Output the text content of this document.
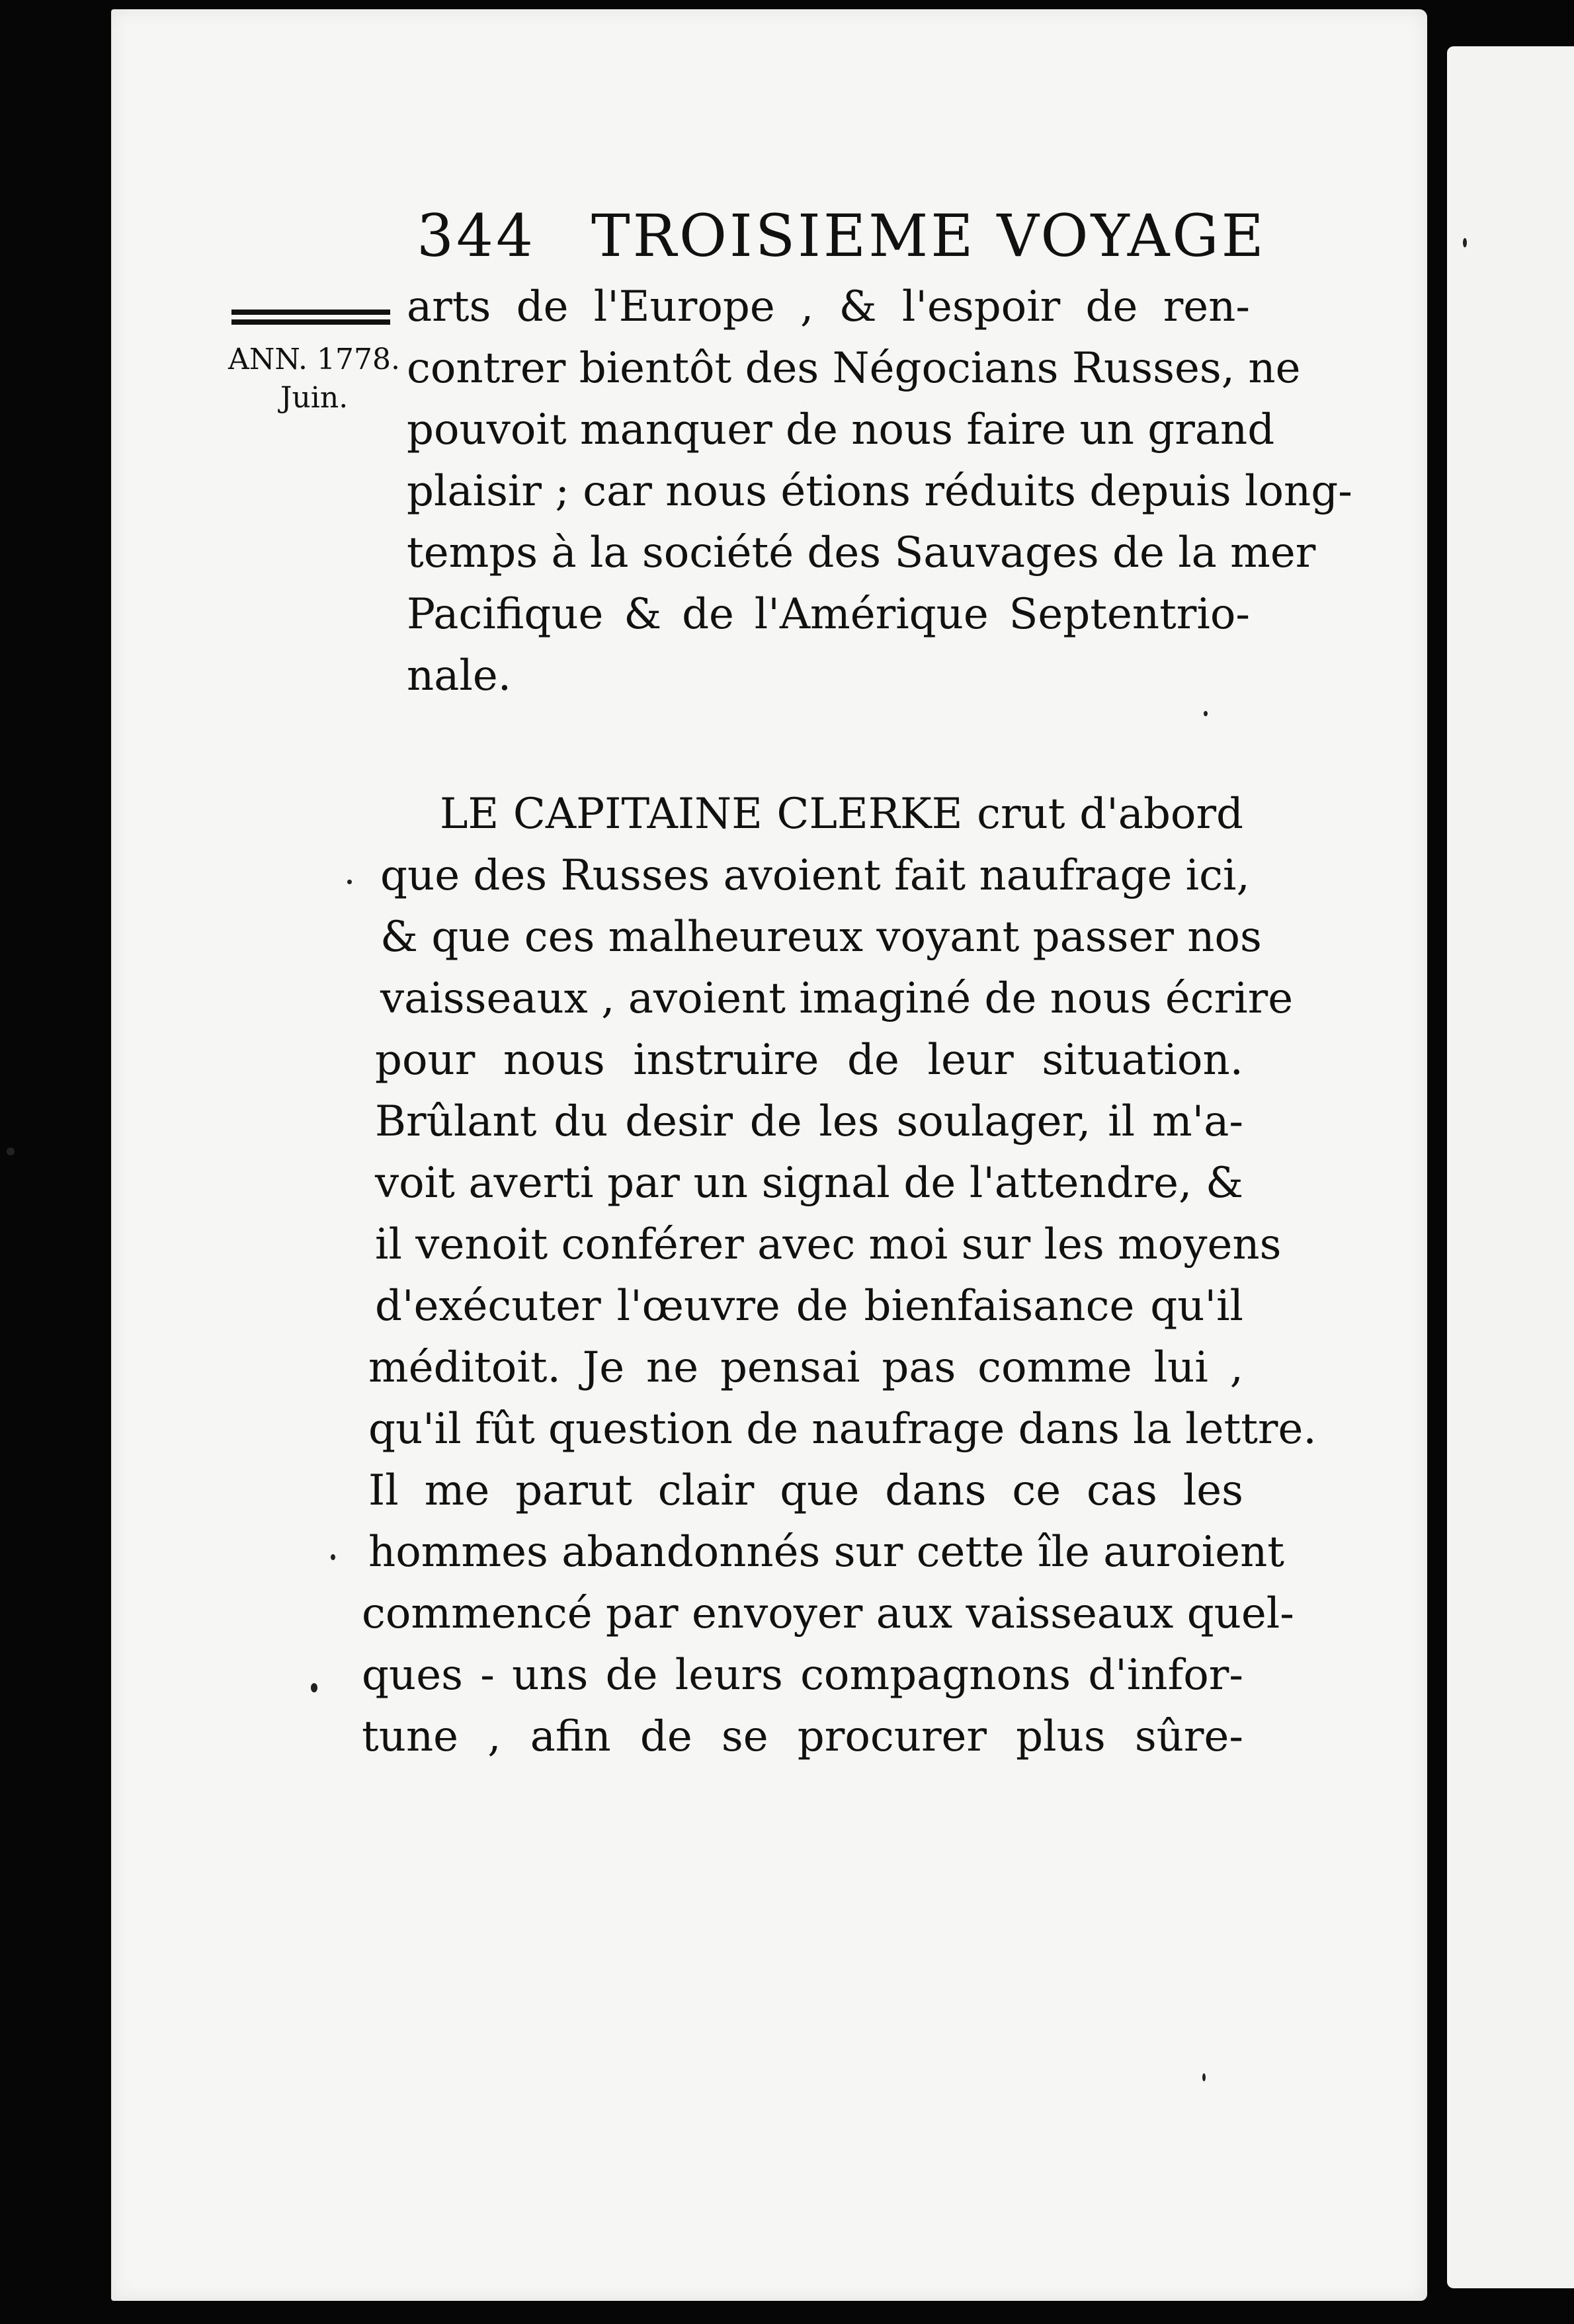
344 TROISIEME VOYAGE
ANN. 1778.
Juin.
arts de l'Europe , & l'espoir de ren-
contrer bientôt des Négocians Russes, ne
pouvoit manquer de nous faire un grand
plaisir ; car nous étions réduits depuis long-
temps à la société des Sauvages de la mer
Pacifique & de l'Amérique Septentrio-
nale.
LE CAPITAINE CLERKE crut d'abord
que des Russes avoient fait naufrage ici,
& que ces malheureux voyant passer nos
vaisseaux , avoient imaginé de nous écrire
pour nous instruire de leur situation.
Brûlant du desir de les soulager, il m'a-
voit averti par un signal de l'attendre, &
il venoit conférer avec moi sur les moyens
d'exécuter l'œuvre de bienfaisance qu'il
méditoit. Je ne pensai pas comme lui ,
qu'il fût question de naufrage dans la lettre.
Il me parut clair que dans ce cas les
hommes abandonnés sur cette île auroient
commencé par envoyer aux vaisseaux quel-
ques - uns de leurs compagnons d'infor-
tune , afin de se procurer plus sûre-
